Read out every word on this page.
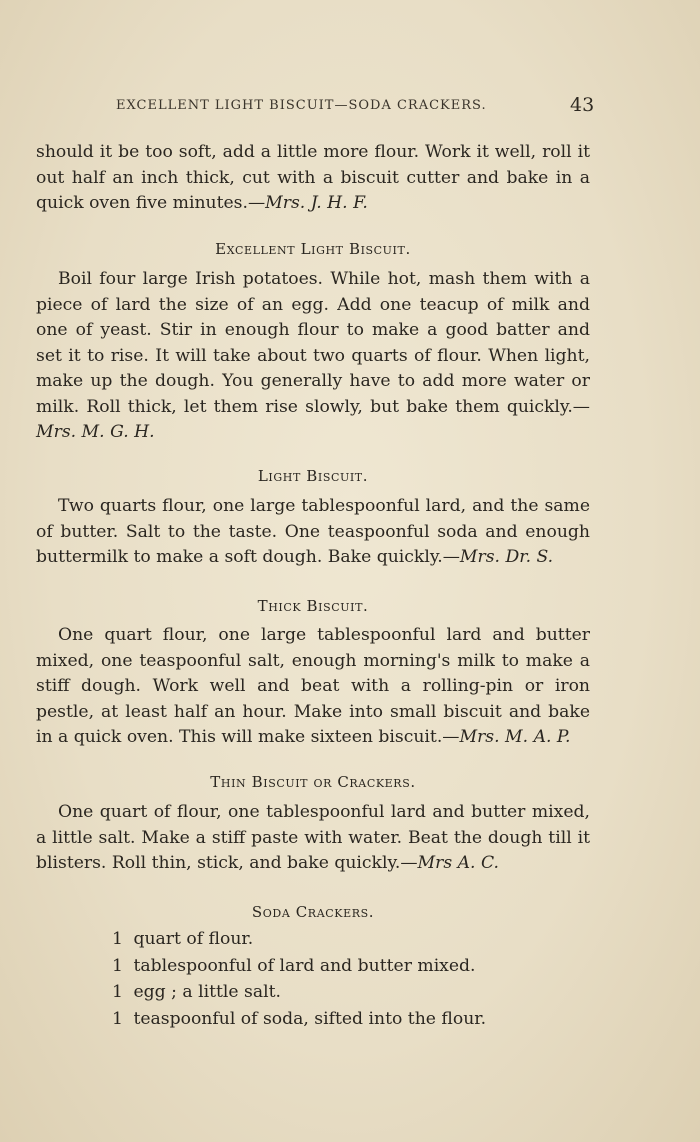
EXCELLENT LIGHT BISCUIT—SODA CRACKERS.	43

should it be too soft, add a little more flour. Work it well, roll it out half an inch thick, cut with a biscuit cutter and bake in a quick oven five minutes.—Mrs. J. H. F.

Excellent Light Biscuit.

Boil four large Irish potatoes. While hot, mash them with a piece of lard the size of an egg. Add one teacup of milk and one of yeast. Stir in enough flour to make a good batter and set it to rise. It will take about two quarts of flour. When light, make up the dough. You generally have to add more water or milk. Roll thick, let them rise slowly, but bake them quickly.—Mrs. M. G. H.

Light Biscuit.

Two quarts flour, one large tablespoonful lard, and the same of butter. Salt to the taste. One teaspoonful soda and enough buttermilk to make a soft dough. Bake quickly.—Mrs. Dr. S.

Thick Biscuit.

One quart flour, one large tablespoonful lard and butter mixed, one teaspoonful salt, enough morning's milk to make a stiff dough. Work well and beat with a rolling-pin or iron pestle, at least half an hour. Make into small biscuit and bake in a quick oven. This will make sixteen biscuit.—Mrs. M. A. P.

Thin Biscuit or Crackers.

One quart of flour, one tablespoonful lard and butter mixed, a little salt. Make a stiff paste with water. Beat the dough till it blisters. Roll thin, stick, and bake quickly.—Mrs A. C.

Soda Crackers.
1 quart of flour.
1 tablespoonful of lard and butter mixed.
1 egg ; a little salt.
1 teaspoonful of soda, sifted into the flour.
